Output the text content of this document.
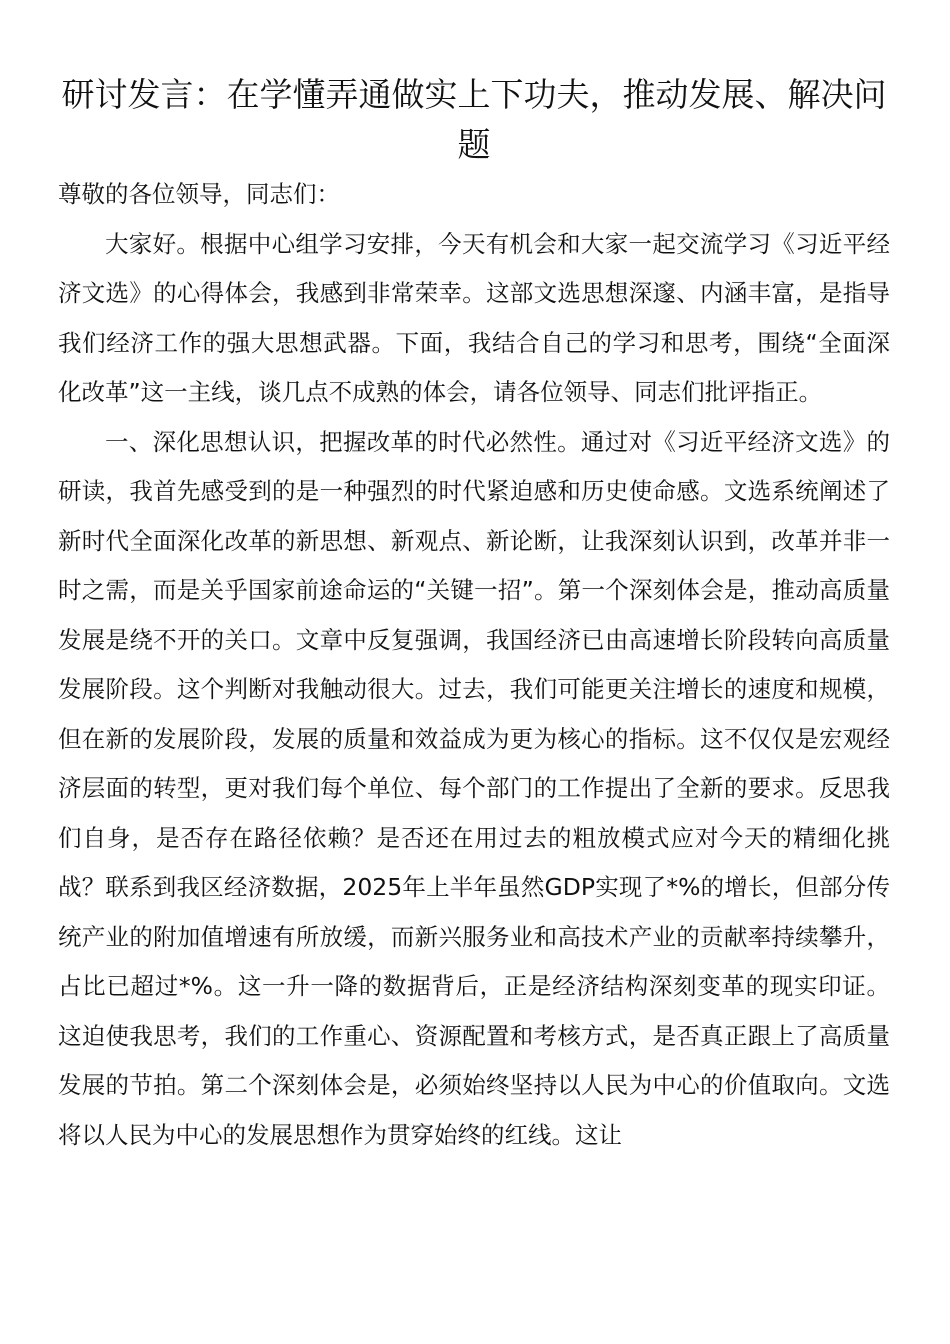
研讨发言：在学懂弄通做实上下功夫，推动发展、解决问题

尊敬的各位领导，同志们：

大家好。根据中心组学习安排，今天有机会和大家一起交流学习《习近平经济文选》的心得体会，我感到非常荣幸。这部文选思想深邃、内涵丰富，是指导我们经济工作的强大思想武器。下面，我结合自己的学习和思考，围绕“全面深化改革”这一主线，谈几点不成熟的体会，请各位领导、同志们批评指正。

一、深化思想认识，把握改革的时代必然性。通过对《习近平经济文选》的研读，我首先感受到的是一种强烈的时代紧迫感和历史使命感。文选系统阐述了新时代全面深化改革的新思想、新观点、新论断，让我深刻认识到，改革并非一时之需，而是关乎国家前途命运的“关键一招”。第一个深刻体会是，推动高质量发展是绕不开的关口。文章中反复强调，我国经济已由高速增长阶段转向高质量发展阶段。这个判断对我触动很大。过去，我们可能更关注增长的速度和规模，但在新的发展阶段，发展的质量和效益成为更为核心的指标。这不仅仅是宏观经济层面的转型，更对我们每个单位、每个部门的工作提出了全新的要求。反思我们自身，是否存在路径依赖？是否还在用过去的粗放模式应对今天的精细化挑战？联系到我区经济数据，2025年上半年虽然GDP实现了*%的增长，但部分传统产业的附加值增速有所放缓，而新兴服务业和高技术产业的贡献率持续攀升，占比已超过*%。这一升一降的数据背后，正是经济结构深刻变革的现实印证。这迫使我思考，我们的工作重心、资源配置和考核方式，是否真正跟上了高质量发展的节拍。第二个深刻体会是，必须始终坚持以人民为中心的价值取向。文选将以人民为中心的发展思想作为贯穿始终的红线。这让
